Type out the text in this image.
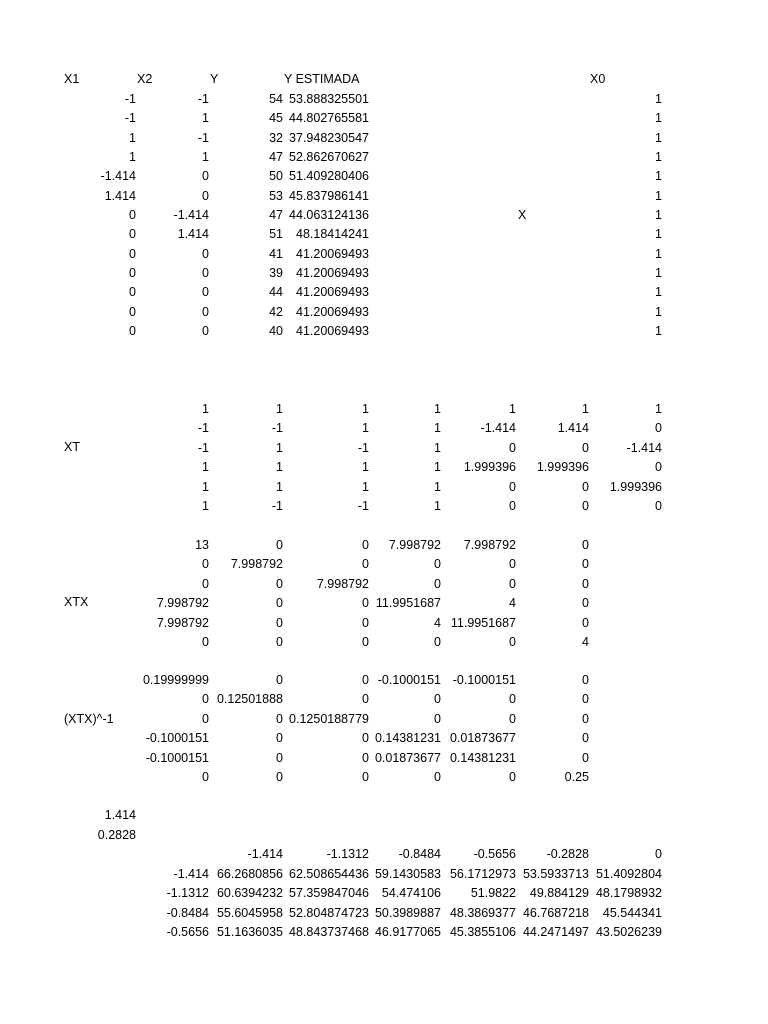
X1	X2	Y	Y ESTIMADA	X0
-1	-1	54 53.888325501	1
-1	1	45 44.802765581	1
1	-1	32 37.948230547	1
1	1	47 52.862670627	1
-1.414	0	50 51.409280406	1
1.414	0	53 45.837986141	1
0	-1.414	47 44.063124136	1
0	1.414	51	48.18414241	1
0	0	41	41.20069493	1
0	0	39	41.20069493	1
0	0	44	41.20069493	1
0	0	42	41.20069493	1
0	0	40	41.20069493	1
X
1	1	1	1	1	1	1
-1	-1	1	1	-1.414	1.414	0
-1	1	-1	1	0	0	-1.414
1	1	1	1	1.999396	1.999396	0
1	1	1	1	0	0	1.999396
1	-1	-1	1	0	0	0
XT
13	0	0	7.998792	7.998792	0
0	7.998792	0	0	0	0
0	0	7.998792	0	0	0
7.998792	0	0 11.9951687	4	0
7.998792	0	0	4 11.9951687	0
0	0	0	0	0	4
XTX
0.19999999	0	0 -0.1000151 -0.1000151	0
0 0.12501888	0	0	0	0
0	0 0.1250188779	0	0	0
-0.1000151	0	0 0.14381231 0.01873677	0
-0.1000151	0	0 0.01873677 0.14381231	0
0	0	0	0	0	0.25
(XTX)^-1
1.414
0.2828
-1.414	-1.1312	-0.8484	-0.5656	-0.2828	0
-1.414 66.2680856 62.508654436 59.1430583 56.1712973 53.5933713 51.4092804
-1.1312 60.6394232 57.359847046	54.474106	51.9822	49.884129 48.1798932
-0.8484 55.6045958 52.804874723 50.3989887 48.3869377 46.7687218	45.544341
-0.5656 51.1636035 48.843737468 46.9177065 45.3855106 44.2471497 43.5026239
